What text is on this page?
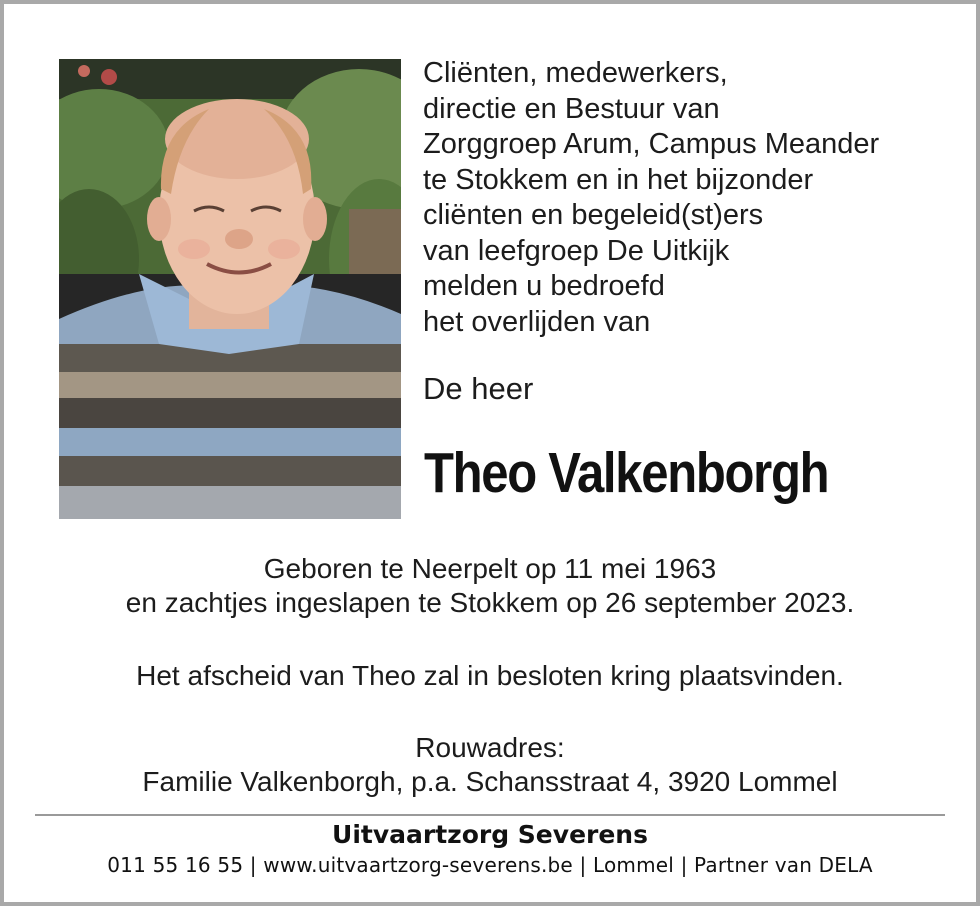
Cliënten, medewerkers,
directie en Bestuur van
Zorggroep Arum, Campus Meander
te Stokkem en in het bijzonder
cliënten en begeleid(st)ers
van leefgroep De Uitkijk
melden u bedroefd
het overlijden van
De heer
Theo Valkenborgh
Geboren te Neerpelt op 11 mei 1963
en zachtjes ingeslapen te Stokkem op 26 september 2023.
Het afscheid van Theo zal in besloten kring plaatsvinden.
Rouwadres:
Familie Valkenborgh, p.a. Schansstraat 4, 3920 Lommel
Uitvaartzorg Severens
011 55 16 55 | www.uitvaartzorg-severens.be | Lommel | Partner van DELA
